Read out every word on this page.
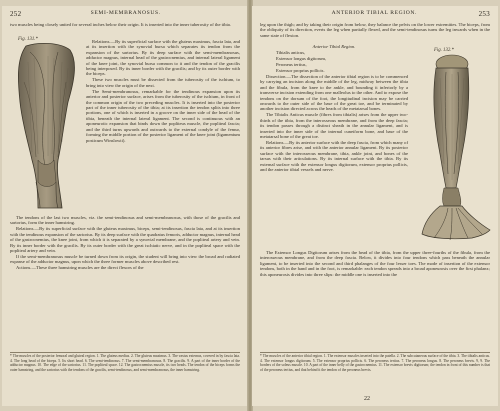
252	SEMI-MEMBRANOSUS.

two muscles being closely united for several inches below their origin. It is inserted into the inner tuberosity of the tibia.

Fig. 131.*	Relations.—By its superficial surface with the gluteus maximus, fascia lata, and at its insertion with the synovial bursa which separates its tendon from the expansion of the sartorius. By its deep surface with the semi-membranosus, adductor magnus, internal head of the gastrocnemius, and internal lateral ligament of the knee joint, the synovial bursa common to it and the tendon of the gracilis being interposed. By its inner border with the gracilis; and by its outer border with the biceps.

These two muscles must be dissected from the tuberosity of the ischium, to bring into view the origin of the next.

The Semi-membranosus, remarkable for the tendinous expansion upon its anterior and posterior surface, arises from the tuberosity of the ischium, in front of the common origin of the two preceding muscles. It is inserted into the posterior part of the inner tuberosity of the tibia; at its insertion the tendon splits into three portions, one of which is inserted in a groove on the inner side of the head of the tibia, beneath the internal lateral ligament. The second is continuous with an aponeurotic expansion that binds down the popliteus muscle, the popliteal fascia; and the third turns upwards and outwards to the external condyle of the femur, forming the middle portion of the posterior ligament of the knee joint (ligamentum posticum Winslowii).

The tendons of the last two muscles, viz. the semi-tendinosus and semi-membranosus, with those of the gracilis and sartorius, form the inner hamstring.

Relations.—By its superficial surface with the gluteus maximus, biceps, semi-tendinosus, fascia lata, and at its insertion with the tendinous expansion of the sartorius. By its deep surface with the quadratus femoris, adductor magnus, internal head of the gastrocnemius, the knee joint, from which it is separated by a synovial membrane, and the popliteal artery and vein. By its inner border with the gracilis. By its outer border with the great ischiatic nerve, and in the popliteal space with the popliteal artery and vein.

If the semi-membranosus muscle be turned down from its origin, the student will bring into view the broad and radiated expanse of the adductor magnus, upon which the three former muscles above described rest.

Actions.—These three hamstring muscles are the direct flexors of the

* The muscles of the posterior femoral and gluteal region. 1. The gluteus medius. 2. The gluteus maximus. 3. The vastus externus, covered in by fascia lata. 4. The long head of the biceps. 5. Its short head. 6. The semi-tendinosus. 7. The semi-membranosus. 8. The gracilis. 9. A part of the inner border of the adductor magnus. 10. The edge of the sartorius. 11. The popliteal space. 12. The gastrocnemius muscle, its two heads. The tendon of the biceps forms the outer hamstring, and the sartorius with the tendons of the gracilis, semi-tendinosus, and semi-membranosus, the inner hamstring.
ANTERIOR TIBIAL REGION.	253

leg upon the thigh; and by taking their origin from below, they balance the pelvis on the lower extremities. The biceps, from the obliquity of its direction, everts the leg when partially flexed, and the semi-tendinosus turns the leg inwards when in the same state of flexion.

Anterior Tibial Region.

Tibialis anticus,

Extensor longus digitorum,

Peroneus tertius,

Extensor proprius pollicis.

Dissection.—The dissection of the anterior tibial region is to be commenced by carrying an incision along the middle of the leg, midway between the tibia and the fibula, from the knee to the ankle, and bounding it inferiorly by a transverse incision extending from one malleolus to the other. And to expose the tendons on the dorsum of the foot, the longitudinal incision may be carried onwards to the outer side of the base of the great toe, and be terminated by another incision directed across the heads of the metatarsal bones.

The Tibialis Anticus muscle (fibres from tibialis) arises from the upper two-thirds of the tibia, from the interosseous membrane, and from the deep fascia; its tendon passes through a distinct sheath in the annular ligament, and is inserted into the inner side of the internal cuneiform bone, and base of the metatarsal bone of the great toe.

Relations.—By its anterior surface with the deep fascia, from which many of its anterior fibres arise, and with the anterior annular ligament. By its posterior surface with the interosseous membrane, tibia, ankle joint, and bones of the tarsus with their articulations. By its internal surface with the tibia. By its external surface with the extensor longus digitorum, extensor proprius pollicis, and the anterior tibial vessels and nerve.

Fig. 132.*

The Extensor Longus Digitorum arises from the head of the tibia, from the upper three-fourths of the fibula, from the interosseous membrane, and from the deep fascia. Below, it divides into four tendons which pass beneath the annular ligament, to be inserted into the second and third phalanges of the four lesser toes. The mode of insertion of the extensor tendons, both in the hand and in the foot, is remarkable: each tendon spreads into a broad aponeurosis over the first phalanx; this aponeurosis divides into three slips: the middle one is inserted into the

* The muscles of the anterior tibial region. 1. The extensor muscles inserted into the patella. 2. The subcutaneous surface of the tibia. 3. The tibialis anticus. 4. The extensor longus digitorum. 5. The extensor proprius pollicis. 6. The peroneus tertius. 7. The peroneus longus. 8. The peroneus brevis. 9, 9. The borders of the soleus muscle. 10. A part of the inner belly of the gastrocnemius. 11. The extensor brevis digitorum; the tendon in front of this number is that of the peroneus tertius, and that behind it the tendon of the peroneus brevis.
22
